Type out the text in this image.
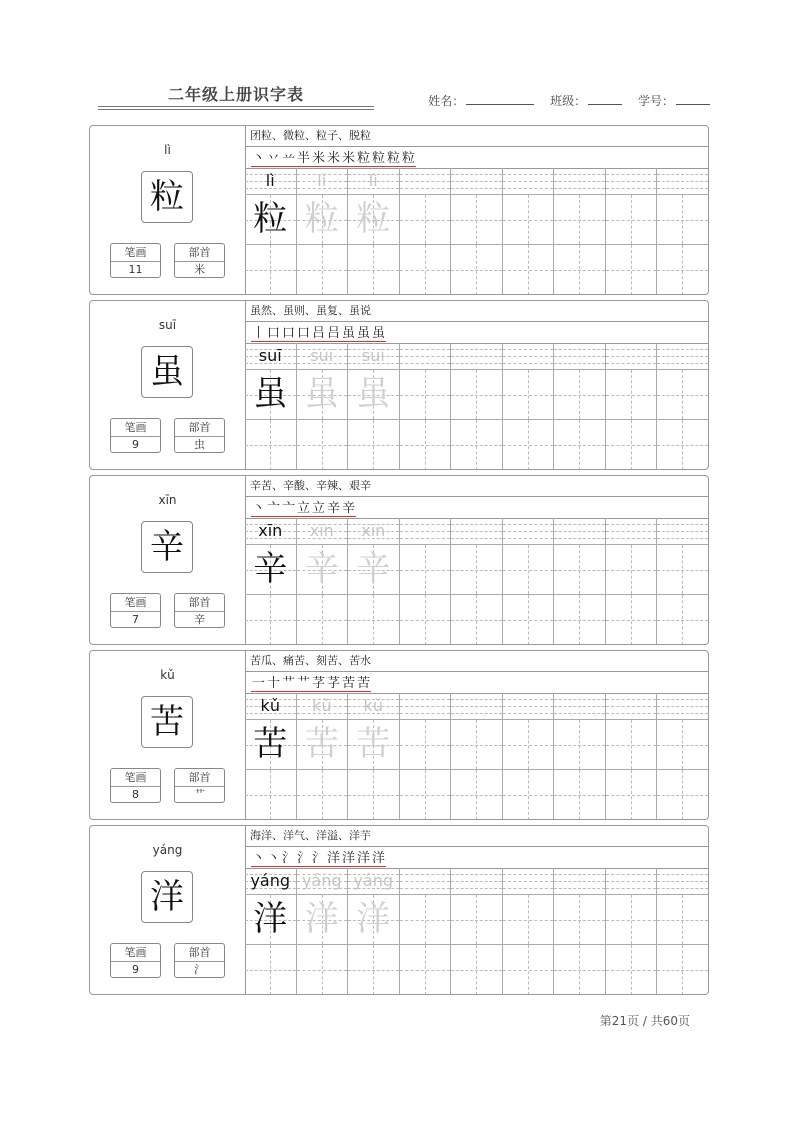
二年级上册识字表	姓名：	班级：	学号：
lì
粒
笔画
11
部首
米
团粒、微粒、粒子、脱粒
丶 丷 䒑 半 米 米 米 粒 粒 粒 粒
lì
粒
lì
粒
lì
粒
suī
虽
笔画
9
部首
虫
虽然、虽则、虽复、虽说
丨 口 口 口 吕 吕 虽 虽 虽
suī
虽
suī
虽
suī
虽
xīn
辛
笔画
7
部首
辛
辛苦、辛酸、辛辣、艰辛
丶 亠 亠 立 立 辛 辛
xīn
辛
xīn
辛
xīn
辛
kǔ
苦
笔画
8
部首
艹
苦瓜、痛苦、刻苦、苦水
一 十 艹 艹 芓 芓 苦 苦
kǔ
苦
kǔ
苦
kǔ
苦
yáng
洋
笔画
9
部首
氵
海洋、洋气、洋溢、洋芋
丶 丶 氵 氵 氵 洋 洋 洋 洋
yáng
洋
yáng
洋
yáng
洋
第21页 / 共60页
